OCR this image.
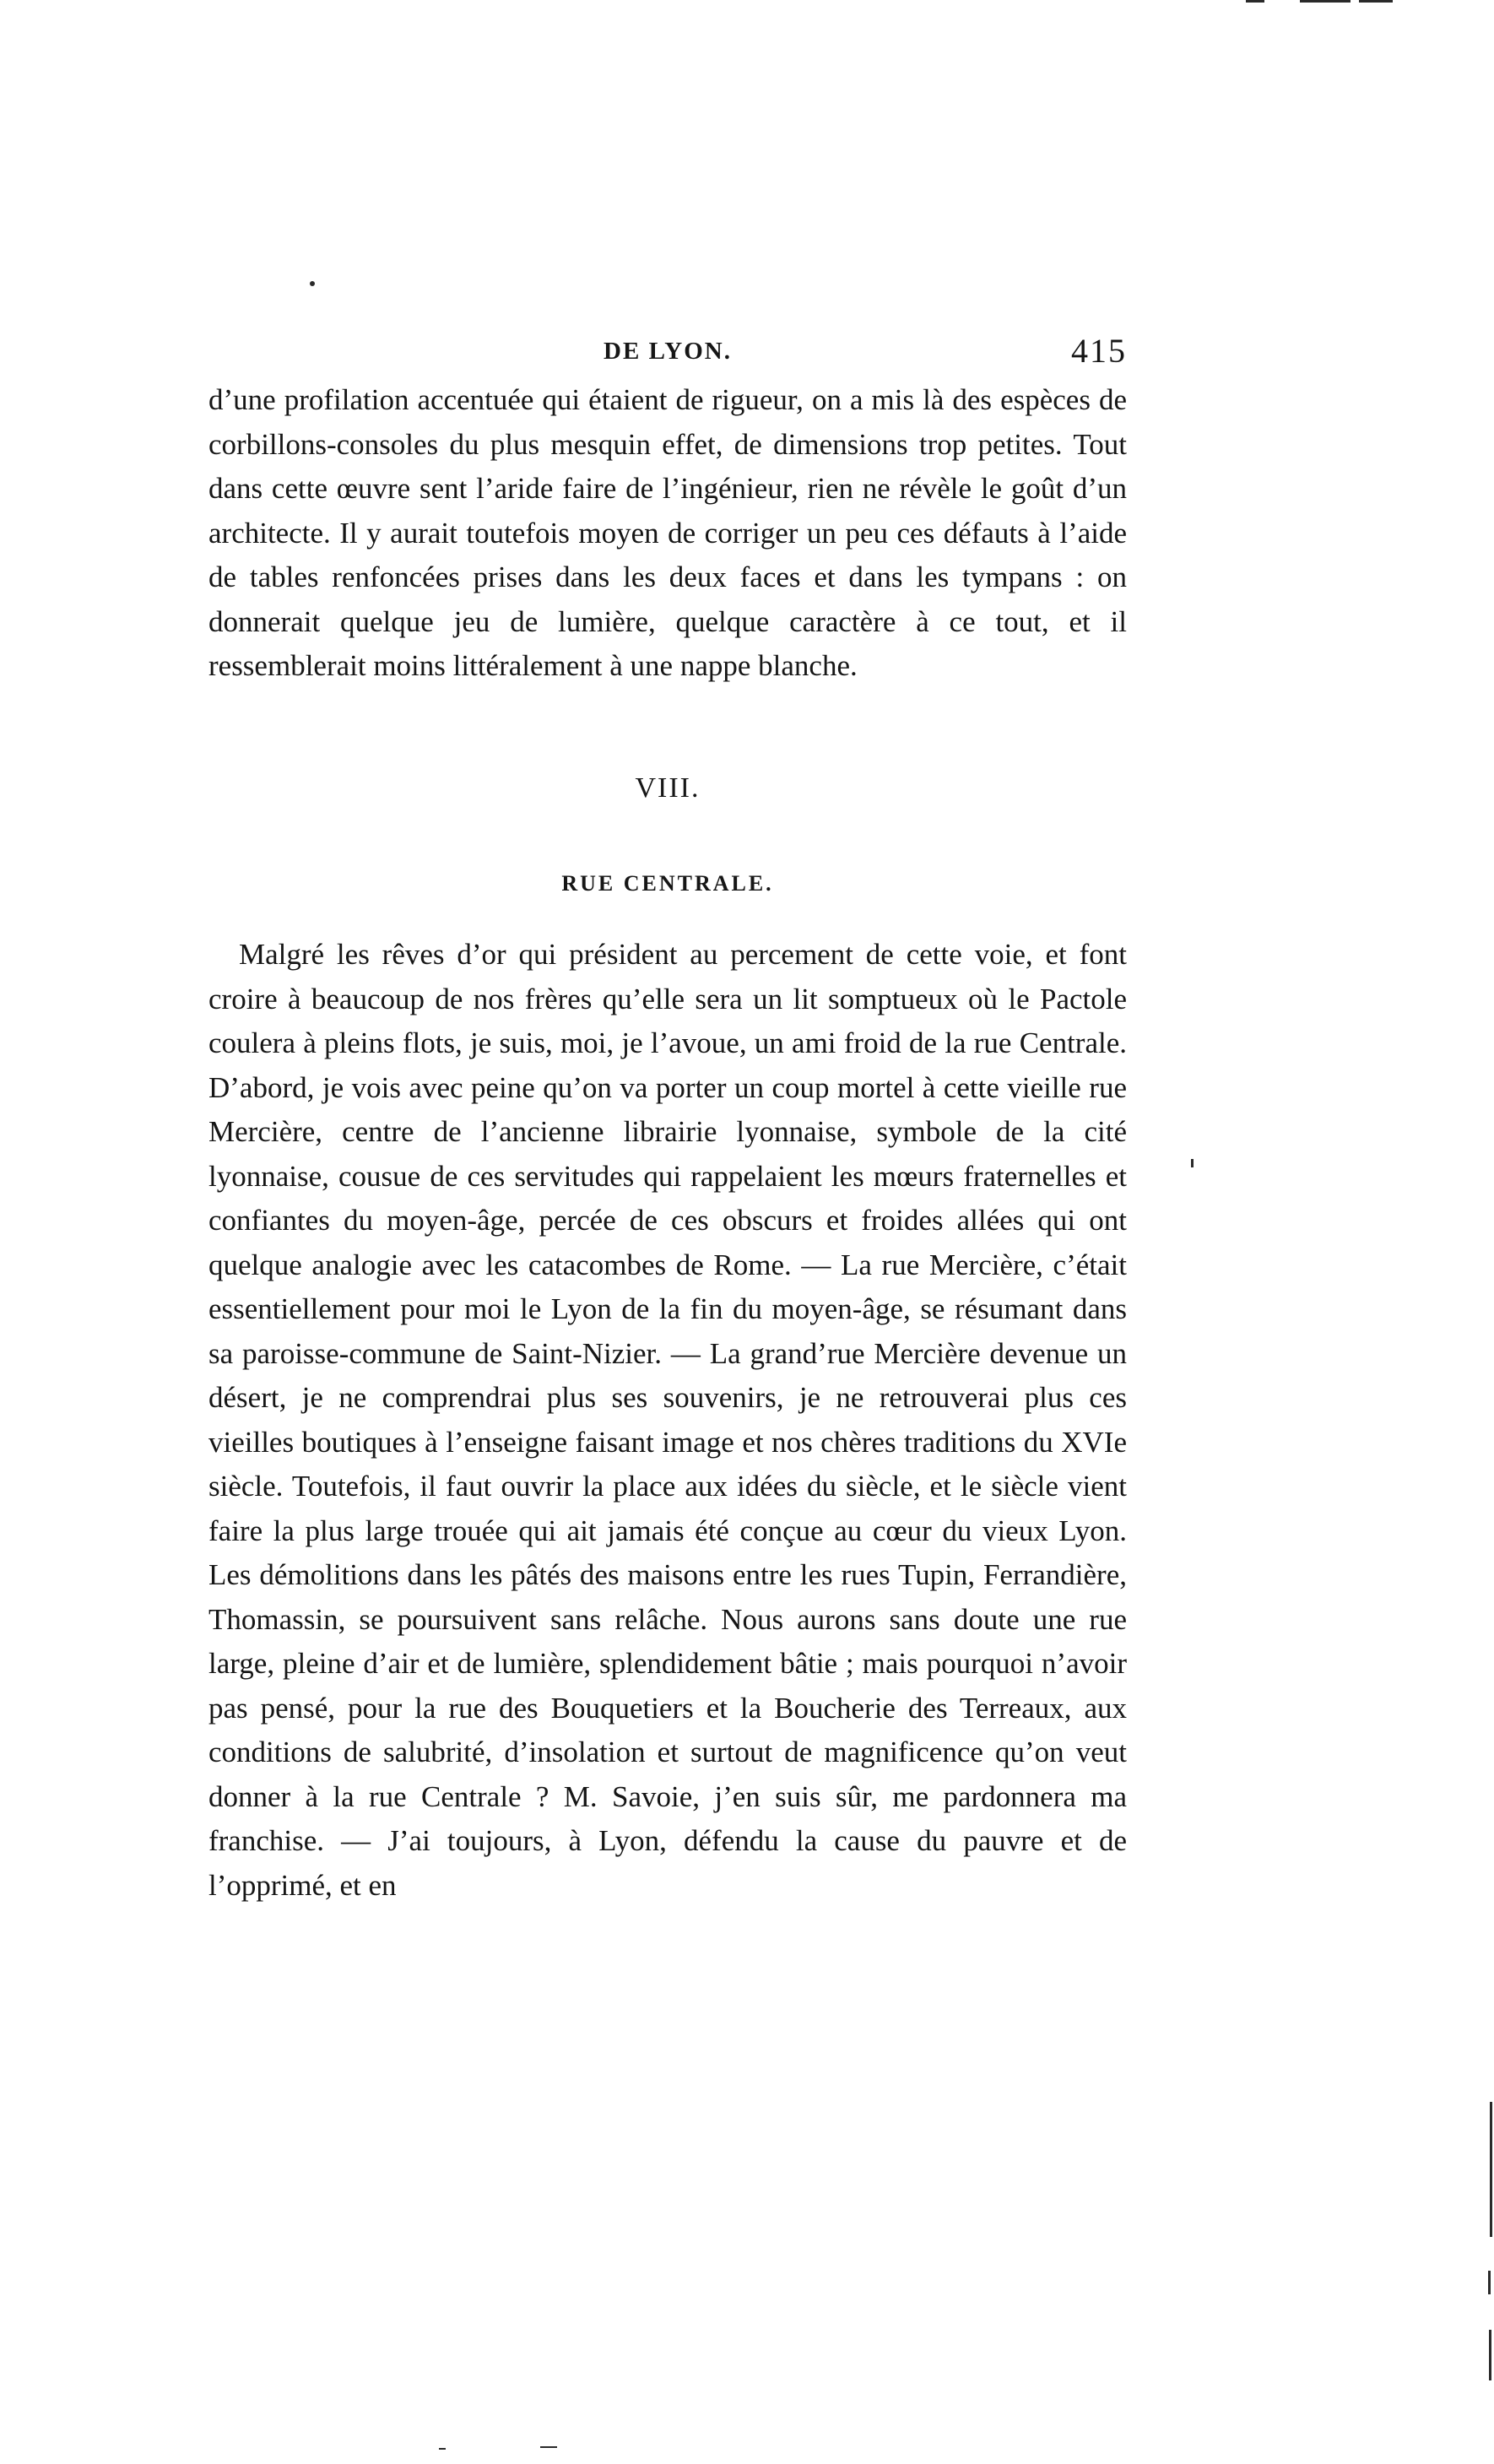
DE LYON.	415

d’une profilation accentuée qui étaient de rigueur, on a mis là des espèces de corbillons-consoles du plus mesquin effet, de dimensions trop petites. Tout dans cette œuvre sent l’aride faire de l’ingénieur, rien ne révèle le goût d’un architecte. Il y aurait toutefois moyen de corriger un peu ces défauts à l’aide de tables renfoncées prises dans les deux faces et dans les tympans : on donnerait quelque jeu de lumière, quelque caractère à ce tout, et il ressemblerait moins littéralement à une nappe blanche.

VIII.
RUE CENTRALE.

Malgré les rêves d’or qui président au percement de cette voie, et font croire à beaucoup de nos frères qu’elle sera un lit somptueux où le Pactole coulera à pleins flots, je suis, moi, je l’avoue, un ami froid de la rue Centrale. D’abord, je vois avec peine qu’on va porter un coup mortel à cette vieille rue Mercière, centre de l’ancienne librairie lyonnaise, symbole de la cité lyonnaise, cousue de ces servitudes qui rappelaient les mœurs fraternelles et confiantes du moyen-âge, percée de ces obscurs et froides allées qui ont quelque analogie avec les catacombes de Rome. — La rue Mercière, c’était essentiellement pour moi le Lyon de la fin du moyen-âge, se résumant dans sa paroisse-commune de Saint-Nizier. — La grand’rue Mercière devenue un désert, je ne comprendrai plus ses souvenirs, je ne retrouverai plus ces vieilles boutiques à l’enseigne faisant image et nos chères traditions du XVIe siècle. Toutefois, il faut ouvrir la place aux idées du siècle, et le siècle vient faire la plus large trouée qui ait jamais été conçue au cœur du vieux Lyon. Les démolitions dans les pâtés des maisons entre les rues Tupin, Ferrandière, Thomassin, se poursuivent sans relâche. Nous aurons sans doute une rue large, pleine d’air et de lumière, splendidement bâtie ; mais pourquoi n’avoir pas pensé, pour la rue des Bouquetiers et la Boucherie des Terreaux, aux conditions de salubrité, d’insolation et surtout de magnificence qu’on veut donner à la rue Centrale ? M. Savoie, j’en suis sûr, me pardonnera ma franchise. — J’ai toujours, à Lyon, défendu la cause du pauvre et de l’opprimé, et en
